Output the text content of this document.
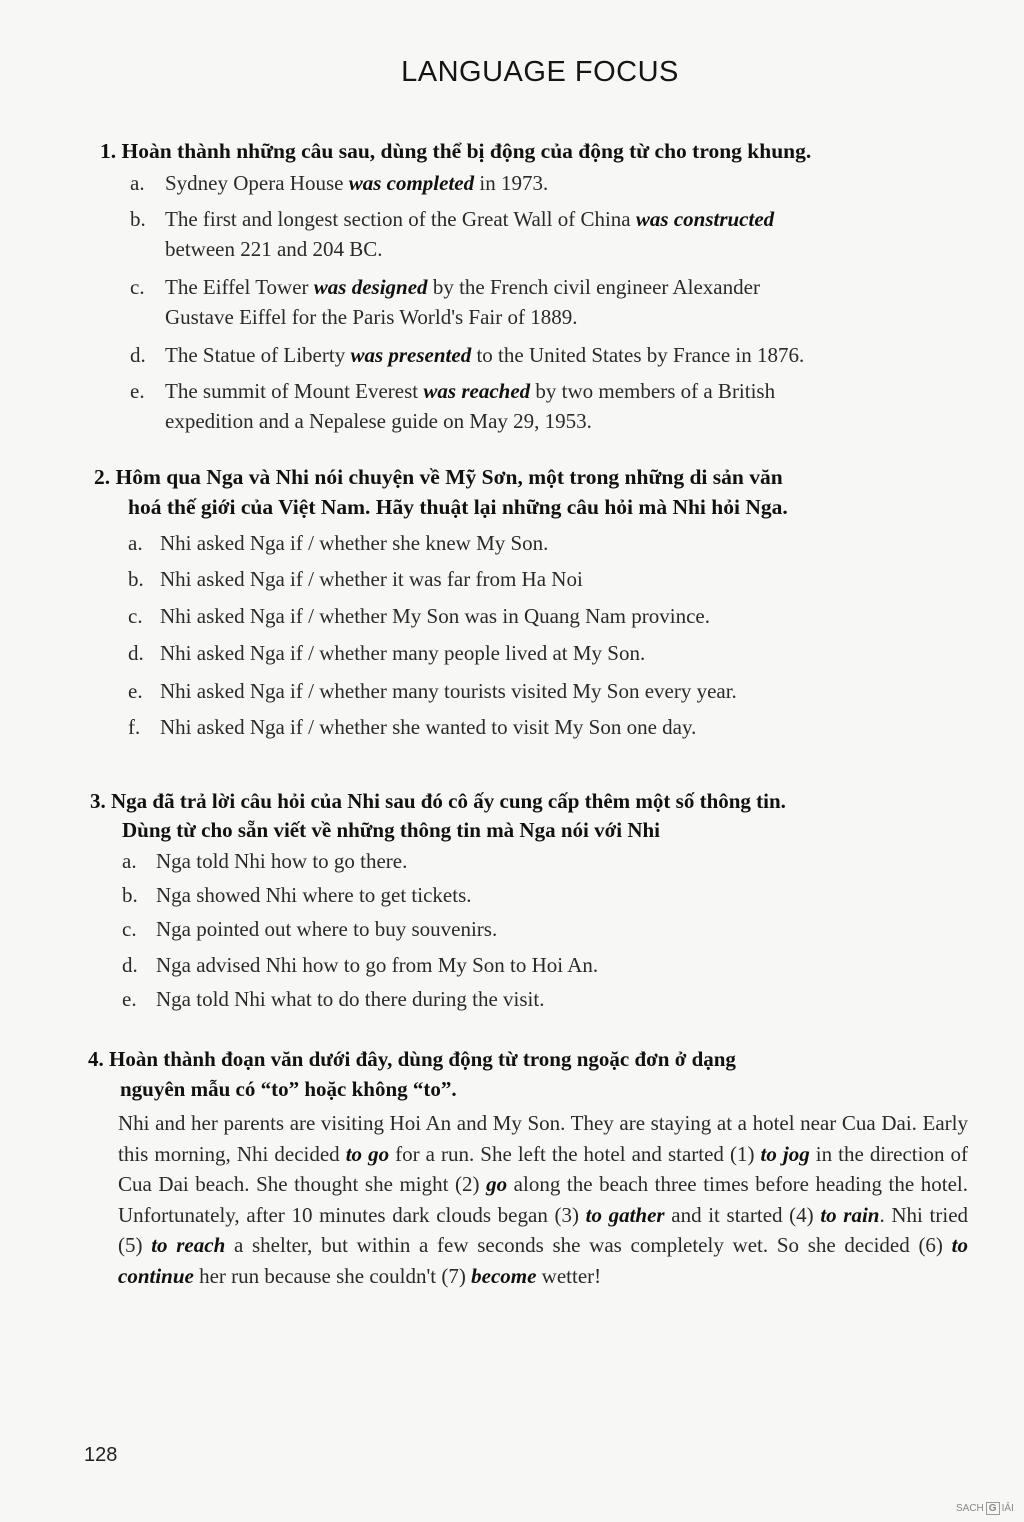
LANGUAGE FOCUS
1. Hoàn thành những câu sau, dùng thể bị động của động từ cho trong khung.
a. Sydney Opera House was completed in 1973.
b. The first and longest section of the Great Wall of China was constructed
between 221 and 204 BC.
c. The Eiffel Tower was designed by the French civil engineer Alexander
Gustave Eiffel for the Paris World's Fair of 1889.
d. The Statue of Liberty was presented to the United States by France in 1876.
e. The summit of Mount Everest was reached by two members of a British
expedition and a Nepalese guide on May 29, 1953.
2. Hôm qua Nga và Nhi nói chuyện về Mỹ Sơn, một trong những di sản văn
hoá thế giới của Việt Nam. Hãy thuật lại những câu hỏi mà Nhi hỏi Nga.
a. Nhi asked Nga if / whether she knew My Son.
b. Nhi asked Nga if / whether it was far from Ha Noi
c. Nhi asked Nga if / whether My Son was in Quang Nam province.
d. Nhi asked Nga if / whether many people lived at My Son.
e. Nhi asked Nga if / whether many tourists visited My Son every year.
f. Nhi asked Nga if / whether she wanted to visit My Son one day.
3. Nga đã trả lời câu hỏi của Nhi sau đó cô ấy cung cấp thêm một số thông tin.
Dùng từ cho sẵn viết về những thông tin mà Nga nói với Nhi
a. Nga told Nhi how to go there.
b. Nga showed Nhi where to get tickets.
c. Nga pointed out where to buy souvenirs.
d. Nga advised Nhi how to go from My Son to Hoi An.
e. Nga told Nhi what to do there during the visit.
4. Hoàn thành đoạn văn dưới đây, dùng động từ trong ngoặc đơn ở dạng
nguyên mẫu có “to” hoặc không “to”.
Nhi and her parents are visiting Hoi An and My Son. They are staying at a hotel near Cua Dai. Early this morning, Nhi decided to go for a run. She left the hotel and started (1) to jog in the direction of Cua Dai beach. She thought she might (2) go along the beach three times before heading the hotel. Unfortunately, after 10 minutes dark clouds began (3) to gather and it started (4) to rain. Nhi tried (5) to reach a shelter, but within a few seconds she was completely wet. So she decided (6) to continue her run because she couldn't (7) become wetter!
128
SACH G IẢI
